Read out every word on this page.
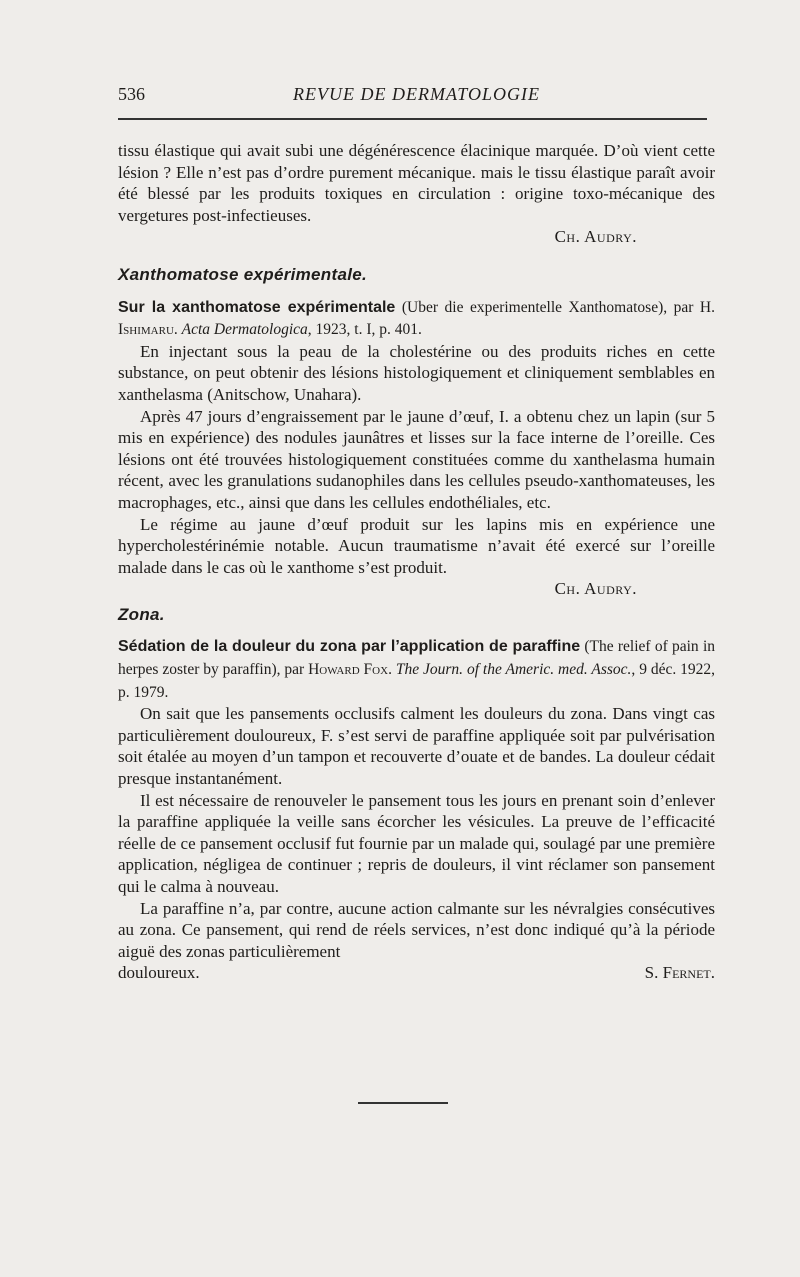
536	REVUE DE DERMATOLOGIE

tissu élastique qui avait subi une dégénérescence élacinique marquée. D’où vient cette lésion ? Elle n’est pas d’ordre purement mécanique. mais le tissu élastique paraît avoir été blessé par les produits toxiques en circulation : origine toxo-mécanique des vergetures post-infectieuses.

Ch. Audry.

Xanthomatose expérimentale.

Sur la xanthomatose expérimentale (Uber die experimentelle Xanthomatose), par H. Ishimaru. Acta Dermatologica, 1923, t. I, p. 401.

En injectant sous la peau de la cholestérine ou des produits riches en cette substance, on peut obtenir des lésions histologiquement et cliniquement semblables en xanthelasma (Anitschow, Unahara).

Après 47 jours d’engraissement par le jaune d’œuf, I. a obtenu chez un lapin (sur 5 mis en expérience) des nodules jaunâtres et lisses sur la face interne de l’oreille. Ces lésions ont été trouvées histologiquement constituées comme du xanthelasma humain récent, avec les granulations sudanophiles dans les cellules pseudo-xanthomateuses, les macrophages, etc., ainsi que dans les cellules endothéliales, etc.

Le régime au jaune d’œuf produit sur les lapins mis en expérience une hypercholestérinémie notable. Aucun traumatisme n’avait été exercé sur l’oreille malade dans le cas où le xanthome s’est produit.

Ch. Audry.

Zona.

Sédation de la douleur du zona par l’application de paraffine (The relief of pain in herpes zoster by paraffin), par Howard Fox. The Journ. of the Americ. med. Assoc., 9 déc. 1922, p. 1979.

On sait que les pansements occlusifs calment les douleurs du zona. Dans vingt cas particulièrement douloureux, F. s’est servi de paraffine appliquée soit par pulvérisation soit étalée au moyen d’un tampon et recouverte d’ouate et de bandes. La douleur cédait presque instantanément.

Il est nécessaire de renouveler le pansement tous les jours en prenant soin d’enlever la paraffine appliquée la veille sans écorcher les vésicules. La preuve de l’efficacité réelle de ce pansement occlusif fut fournie par un malade qui, soulagé par une première application, négligea de continuer ; repris de douleurs, il vint réclamer son pansement qui le calma à nouveau.

La paraffine n’a, par contre, aucune action calmante sur les névralgies consécutives au zona. Ce pansement, qui rend de réels services, n’est donc indiqué qu’à la période aiguë des zonas particulièrement

douloureux.	S. Fernet.
